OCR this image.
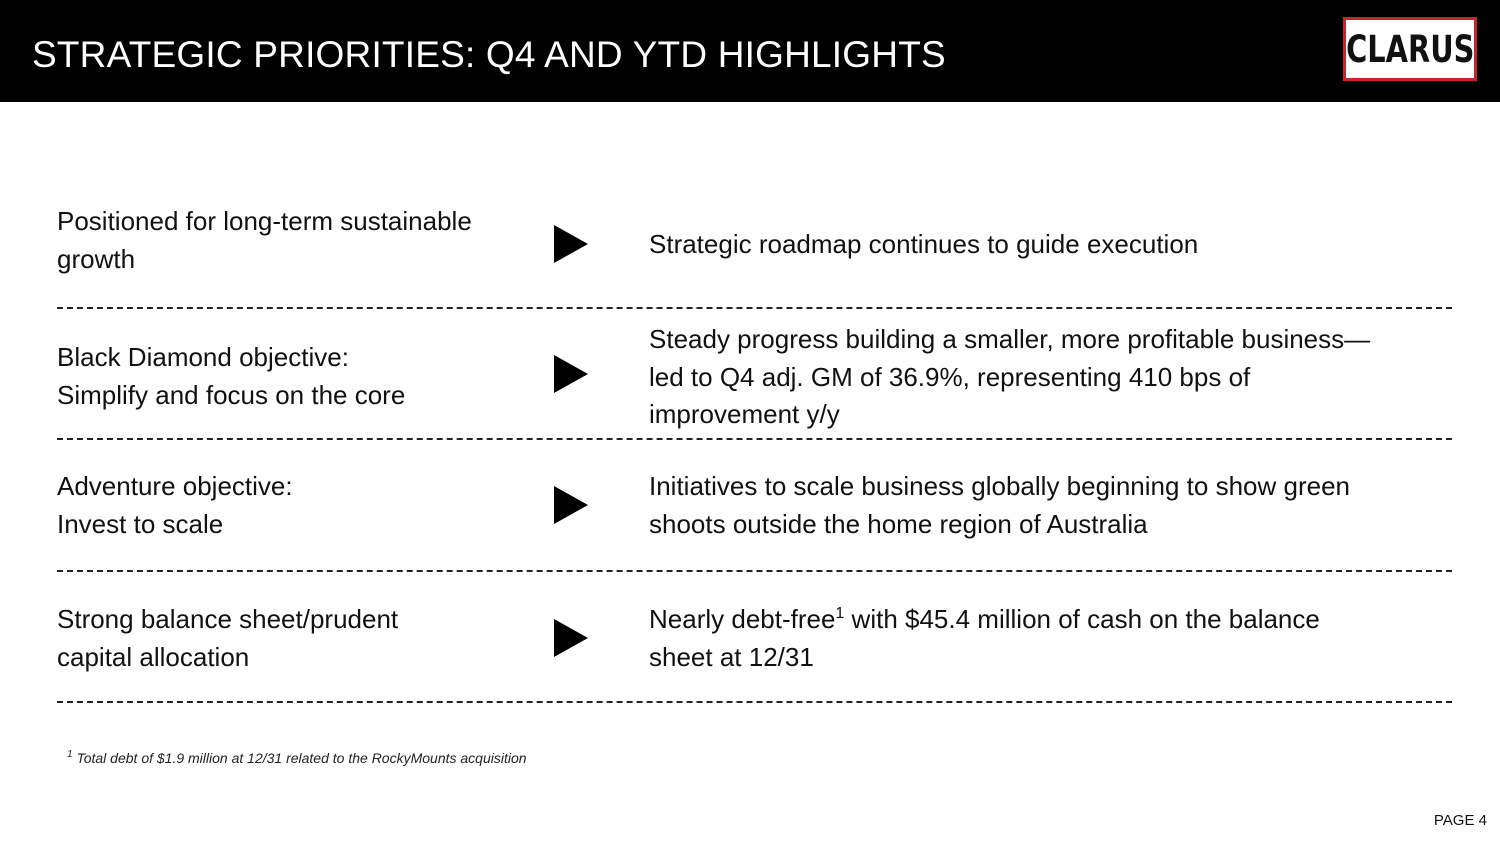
STRATEGIC PRIORITIES: Q4 AND YTD HIGHLIGHTS	CLARUS
Positioned for long-term sustainable
growth	Strategic roadmap continues to guide execution
Black Diamond objective:
Simplify and focus on the core
Steady progress building a smaller, more profitable business—
led to Q4 adj. GM of 36.9%, representing 410 bps of
improvement y/y
Adventure objective:
Invest to scale
Initiatives to scale business globally beginning to show green
shoots outside the home region of Australia
Strong balance sheet/prudent
capital allocation
Nearly debt-free$^1$ with $45.4 million of cash on the balance
sheet at 12/31
$^1$ Total debt of $1.9 million at 12/31 related to the RockyMounts acquisition
PAGE 4
